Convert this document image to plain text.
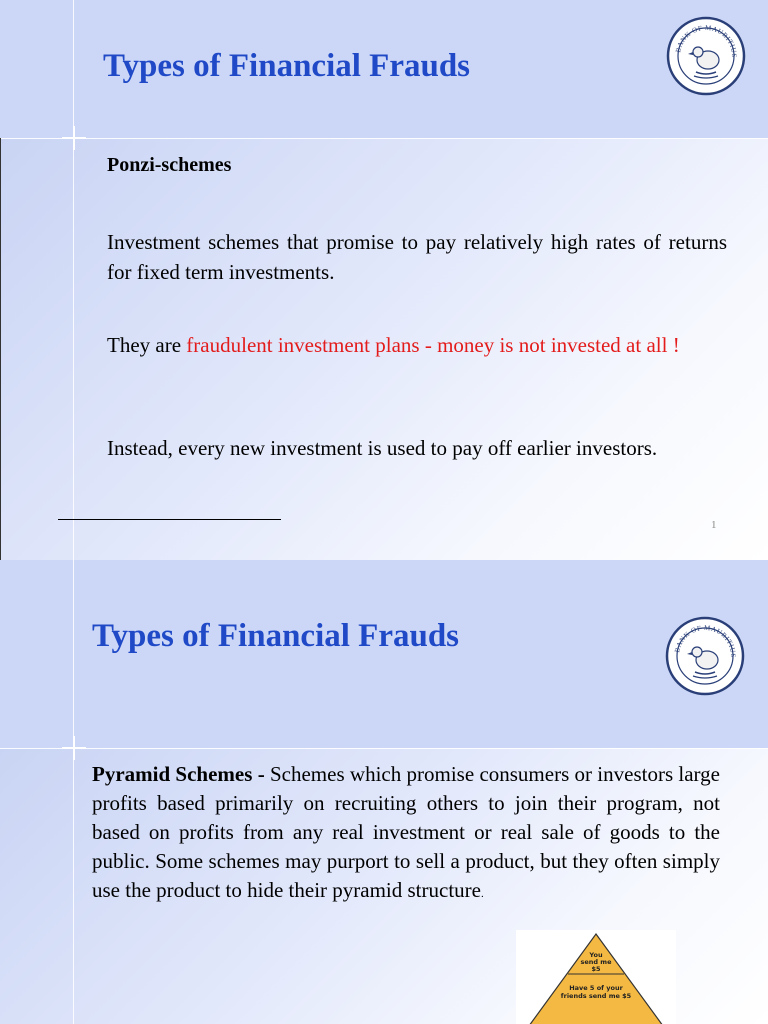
Types of Financial Frauds	BANK OF MAURITIUS
Ponzi-schemes
Investment schemes that promise to pay relatively high rates of returns for fixed term investments.
They are fraudulent investment plans - money is not invested at all !
Instead, every new investment is used to pay off earlier investors.
1
Types of Financial Frauds	BANK OF MAURITIUS
Pyramid Schemes - Schemes which promise consumers or investors large profits based primarily on recruiting others to join their program, not based on profits from any real investment or real sale of goods to the public. Some schemes may purport to sell a product, but they often simply use the product to hide their pyramid structure.
You send me $5
Have 5 of your friends send me $5
